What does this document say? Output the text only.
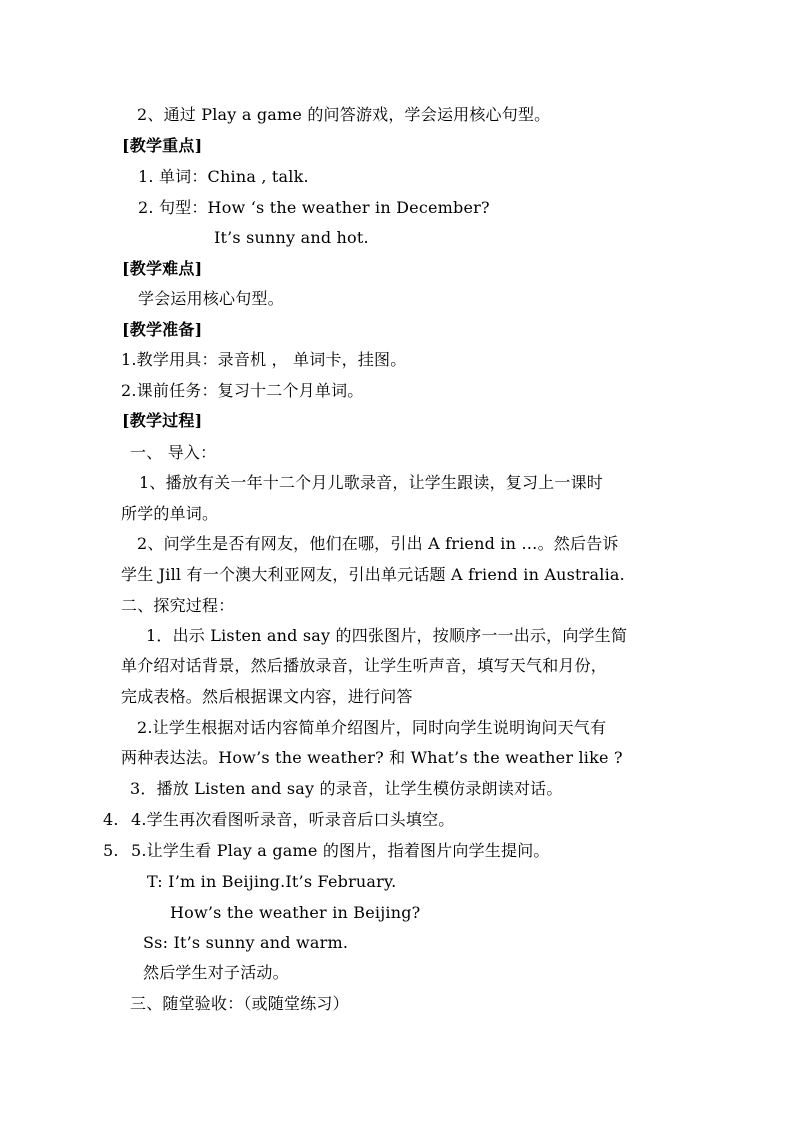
2、通过 Play a game 的问答游戏，学会运用核心句型。
[教学重点]
1. 单词：China , talk.
2. 句型：How ‘s the weather in December?
It’s sunny and hot.
[教学难点]
学会运用核心句型。
[教学准备]
1.教学用具：录音机 ， 单词卡，挂图。
2.课前任务：复习十二个月单词。
[教学过程]
一、 导入：
1、播放有关一年十二个月儿歌录音，让学生跟读，复习上一课时
所学的单词。
2、问学生是否有网友，他们在哪，引出 A friend in …。然后告诉
学生 Jill 有一个澳大利亚网友，引出单元话题 A friend in Australia.
二、探究过程：
1．出示 Listen and say 的四张图片，按顺序一一出示，向学生简
单介绍对话背景，然后播放录音，让学生听声音，填写天气和月份，
完成表格。然后根据课文内容，进行问答
2.让学生根据对话内容简单介绍图片，同时向学生说明询问天气有
两种表达法。How’s the weather? 和 What’s the weather like ?
3．播放 Listen and say 的录音，让学生模仿录朗读对话。
4. 4.学生再次看图听录音，听录音后口头填空。
5. 5.让学生看 Play a game 的图片，指着图片向学生提问。
T: I’m in Beijing.It’s February.
How’s the weather in Beijing?
Ss: It’s sunny and warm.
然后学生对子活动。
三、随堂验收：（或随堂练习）
